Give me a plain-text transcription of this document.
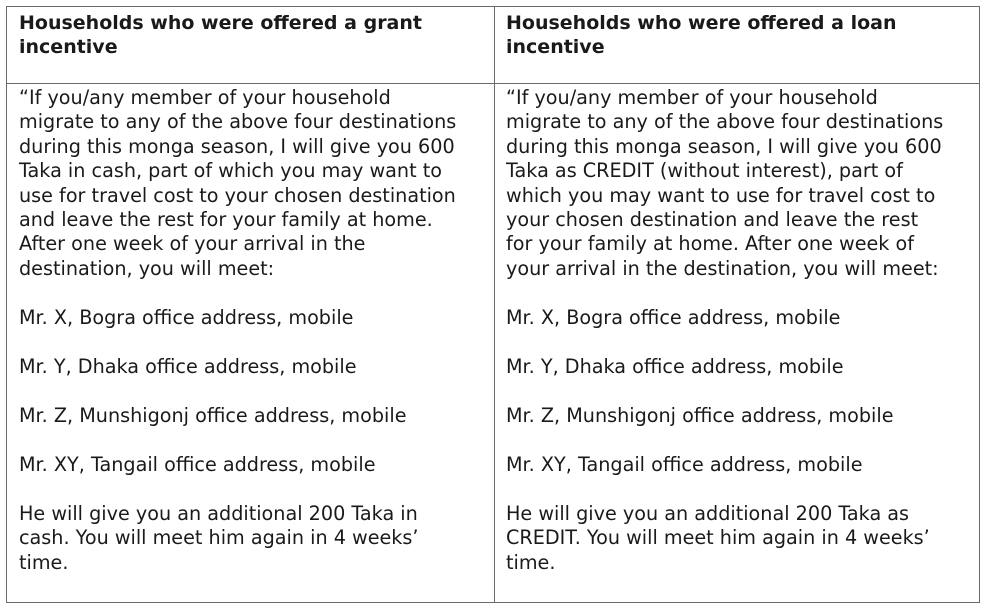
Households who were offered a grant incentive
Households who were offered a loan incentive
“If you/any member of your household
migrate to any of the above four destinations
during this monga season, I will give you 600
Taka in cash, part of which you may want to
use for travel cost to your chosen destination
and leave the rest for your family at home.
After one week of your arrival in the
destination, you will meet:
Mr. X, Bogra office address, mobile
Mr. Y, Dhaka office address, mobile
Mr. Z, Munshigonj office address, mobile
Mr. XY, Tangail office address, mobile
He will give you an additional 200 Taka in
cash. You will meet him again in 4 weeks’
time.
“If you/any member of your household
migrate to any of the above four destinations
during this monga season, I will give you 600
Taka as CREDIT (without interest), part of
which you may want to use for travel cost to
your chosen destination and leave the rest
for your family at home. After one week of
your arrival in the destination, you will meet:
Mr. X, Bogra office address, mobile
Mr. Y, Dhaka office address, mobile
Mr. Z, Munshigonj office address, mobile
Mr. XY, Tangail office address, mobile
He will give you an additional 200 Taka as
CREDIT. You will meet him again in 4 weeks’
time.
